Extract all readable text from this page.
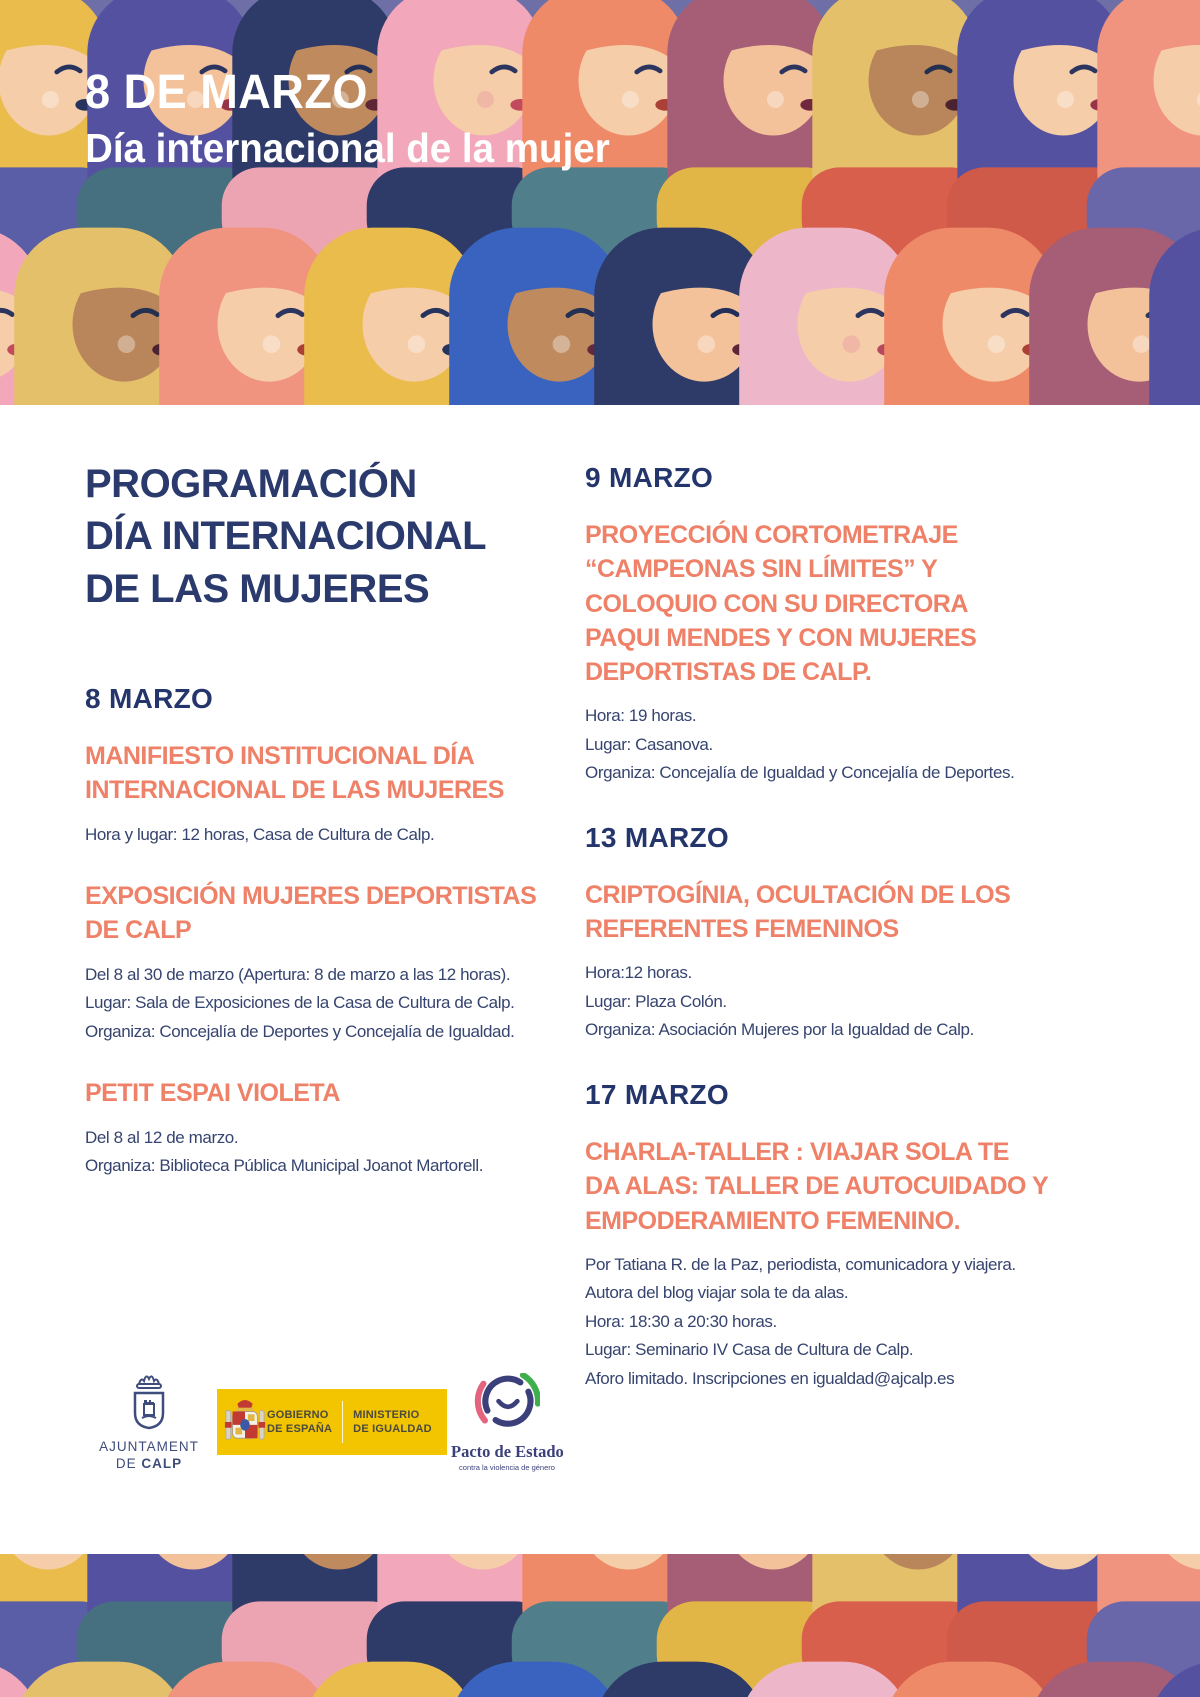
8 DE MARZO
Día internacional de la mujer
PROGRAMACIÓN
DÍA INTERNACIONAL
DE LAS MUJERES
8 MARZO
MANIFIESTO INSTITUCIONAL DÍA
INTERNACIONAL DE LAS MUJERES

Hora y lugar: 12 horas, Casa de Cultura de Calp.

EXPOSICIÓN MUJERES DEPORTISTAS
DE CALP

Del 8 al 30 de marzo (Apertura: 8 de marzo a las 12 horas).
Lugar: Sala de Exposiciones de la Casa de Cultura de Calp.
Organiza: Concejalía de Deportes y Concejalía de Igualdad.

PETIT ESPAI VIOLETA

Del 8 al 12 de marzo.
Organiza: Biblioteca Pública Municipal Joanot Martorell.

9 MARZO
PROYECCIÓN CORTOMETRAJE
“CAMPEONAS SIN LÍMITES” Y
COLOQUIO CON SU DIRECTORA
PAQUI MENDES Y CON MUJERES
DEPORTISTAS DE CALP.

Hora: 19 horas.
Lugar: Casanova.
Organiza: Concejalía de Igualdad y Concejalía de Deportes.

13 MARZO
CRIPTOGÍNIA, OCULTACIÓN DE LOS
REFERENTES FEMENINOS

Hora:12 horas.
Lugar: Plaza Colón.
Organiza: Asociación Mujeres por la Igualdad de Calp.

17 MARZO
CHARLA-TALLER : VIAJAR SOLA TE
DA ALAS: TALLER DE AUTOCUIDADO Y
EMPODERAMIENTO FEMENINO.

Por Tatiana R. de la Paz, periodista, comunicadora y viajera.
Autora del blog viajar sola te da alas.
Hora: 18:30 a 20:30 horas.
Lugar: Seminario IV Casa de Cultura de Calp.
Aforo limitado. Inscripciones en igualdad@ajcalp.es

AJUNTAMENT
DE CALP
GOBIERNO
DE ESPAÑA
MINISTERIO
DE IGUALDAD
Pacto de Estado
contra la violencia de género
